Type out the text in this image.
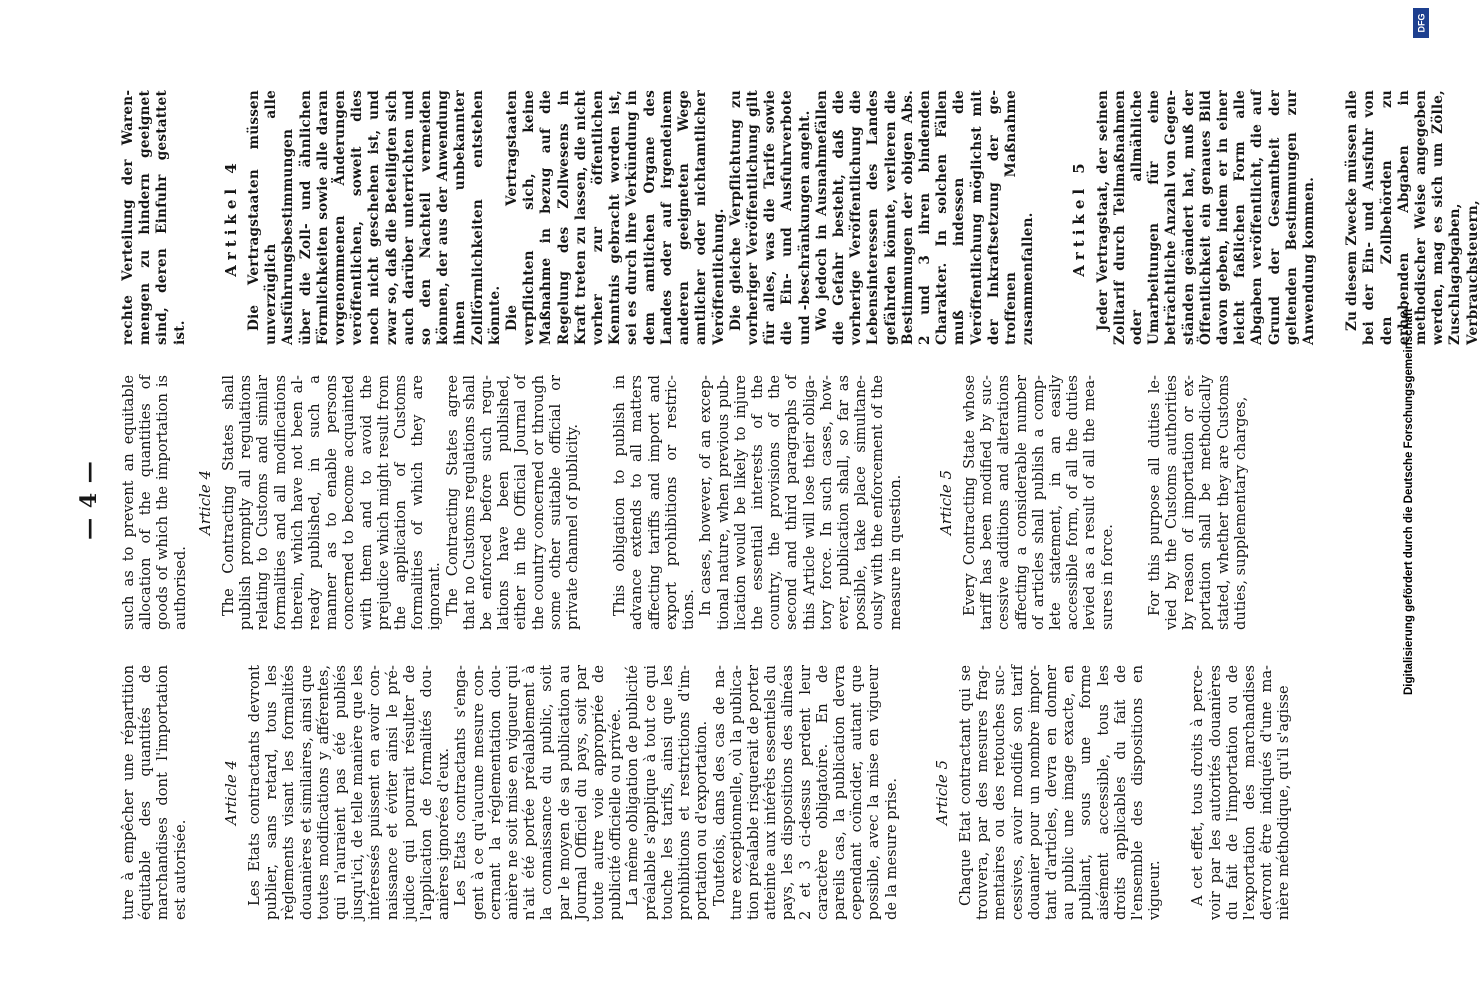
— 4 —

ture à empêcher une répartition équitable des quantités de marchandises dont l'importation est autorisée.

Article 4 Les Etats contractants devront publier, sans retard, tous les règlements visant les formalités douanières et similaires, ainsi que toutes modifications y afférentes, qui n'auraient pas été publiés jusqu'ici, de telle manière que les intéressés puissent en avoir connaissance et éviter ainsi le préjudice qui pourrait résulter de l'application de formalités douanières ignorées d'eux. Les Etats contractants s'engagent à ce qu'aucune mesure concernant la réglementation douanière ne soit mise en vigueur qui n'ait été portée préalablement à la connaissance du public, soit par le moyen de sa publication au Journal Officiel du pays, soit par toute autre voie appropriée de publicité officielle ou privée. La même obligation de publicité préalable s'applique à tout ce qui touche les tarifs, ainsi que les prohibitions et restrictions d'importation ou d'exportation. Toutefois, dans des cas de nature exceptionnelle, où la publication préalable risquerait de porter atteinte aux intérêts essentiels du pays, les dispositions des alinéas 2 et 3 ci-dessus perdent leur caractère obligatoire. En de pareils cas, la publication devra cependant coïncider, autant que possible, avec la mise en vigueur de la mesure prise. Article 5 Chaque Etat contractant qui se trouvera, par des mesures fragmentaires ou des retouches successives, avoir modifié son tarif douanier pour un nombre important d'articles, devra en donner au public une image exacte, en publiant, sous une forme aisément accessible, tous les droits applicables du fait de l'ensemble des dispositions en vigueur. A cet effet, tous droits à percevoir par les autorités douanières du fait de l'importation ou de l'exportation des marchandises devront être indiqués d'une manière méthodique, qu'il s'agisse

such as to prevent an equitable allocation of the quantities of goods of which the importation is authorised.

Article 4 The Contracting States shall publish promptly all regulations relating to Customs and similar formalities and all modifications therein, which have not been already published, in such a manner as to enable persons concerned to become acquainted with them and to avoid the prejudice which might result from the application of Customs formalities of which they are ignorant. The Contracting States agree that no Customs regulations shall be enforced before such regulations have been published, either in the Official Journal of the country concerned or through some other suitable official or private channel of publicity. This obligation to publish in advance extends to all matters affecting tariffs and import and export prohibitions or restrictions. In cases, however, of an exceptional nature, when previous publication would be likely to injure the essential interests of the country, the provisions of the second and third paragraphs of this Article will lose their obligatory force. In such cases, however, publication shall, so far as possible, take place simultaneously with the enforcement of the measure in question. Article 5 Every Contracting State whose tariff has been modified by successive additions and alterations affecting a considerable number of articles shall publish a complete statement, in an easily accessible form, of all the duties levied as a result of all the measures in force. For this purpose all duties levied by the Customs authorities by reason of importation or exportation shall be methodically stated, whether they are Customs duties, supplementary charges,

rechte Verteilung der Warenmengen zu hindern geeignet sind, deren Einfuhr gestattet ist.

Artikel 4 Die Vertragstaaten müssen unverzüglich alle Ausführungsbestimmungen über die Zoll- und ähnlichen Förmlichkeiten sowie alle daran vorgenommenen Änderungen veröffentlichen, soweit dies noch nicht geschehen ist, und zwar so, daß die Beteiligten sich auch darüber unterrichten und so den Nachteil vermeiden können, der aus der Anwendung ihnen unbekannter Zollförmlichkeiten entstehen könnte. Die Vertragstaaten verpflichten sich, keine Maßnahme in bezug auf die Regelung des Zollwesens in Kraft treten zu lassen, die nicht vorher zur öffentlichen Kenntnis gebracht worden ist, sei es durch ihre Verkündung in dem amtlichen Organe des Landes oder auf irgendeinem anderen geeigneten Wege amtlicher oder nichtamtlicher Veröffentlichung. Die gleiche Verpflichtung zu vorheriger Veröffentlichung gilt für alles, was die Tarife sowie die Ein- und Ausfuhrverbote und -beschränkungen angeht. Wo jedoch in Ausnahmefällen die Gefahr besteht, daß die vorherige Veröffentlichung die Lebensinteressen des Landes gefährden könnte, verlieren die Bestimmungen der obigen Abs. 2 und 3 ihren bindenden Charakter. In solchen Fällen muß indessen die Veröffentlichung möglichst mit der Inkraftsetzung der getroffenen Maßnahme zusammenfallen. Artikel 5 Jeder Vertragstaat, der seinen Zolltarif durch Teilmaßnahmen oder allmähliche Umarbeitungen für eine beträchtliche Anzahl von Gegenständen geändert hat, muß der Öffentlichkeit ein genaues Bild davon geben, indem er in einer leicht faßlichen Form alle Abgaben veröffentlicht, die auf Grund der Gesamtheit der geltenden Bestimmungen zur Anwendung kommen. Zu diesem Zwecke müssen alle bei der Ein- und Ausfuhr von den Zollbehörden zu erhebenden Abgaben in methodischer Weise angegeben werden, mag es sich um Zölle, Zuschlagabgaben, Verbrauchsteuern,

DFG
Digitalisierung gefördert durch die Deutsche Forschungsgemeinschaft ·
